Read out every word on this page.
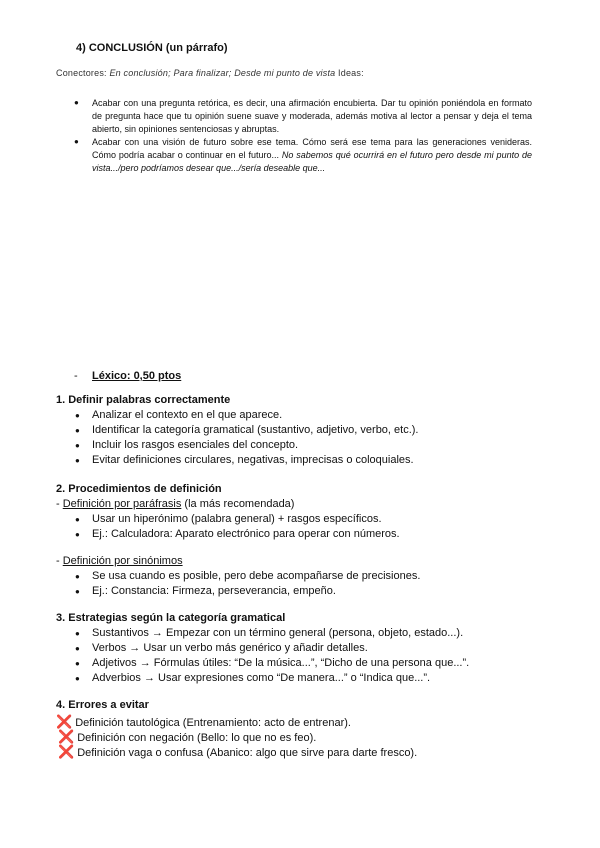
4) CONCLUSIÓN (un párrafo)
Conectores: En conclusión; Para finalizar; Desde mi punto de vista Ideas:
● Acabar con una pregunta retórica, es decir, una afirmación encubierta. Dar tu opinión poniéndola en formato de pregunta hace que tu opinión suene suave y moderada, además motiva al lector a pensar y deja el tema abierto, sin opiniones sentenciosas y abruptas.
● Acabar con una visión de futuro sobre ese tema. Cómo será ese tema para las generaciones venideras. Cómo podría acabar o continuar en el futuro... No sabemos qué ocurrirá en el futuro pero desde mi punto de vista.../pero podríamos desear que.../sería deseable que...
- Léxico: 0,50 ptos
1. Definir palabras correctamente
● Analizar el contexto en el que aparece.
● Identificar la categoría gramatical (sustantivo, adjetivo, verbo, etc.).
● Incluir los rasgos esenciales del concepto.
● Evitar definiciones circulares, negativas, imprecisas o coloquiales.
2. Procedimientos de definición
- Definición por paráfrasis (la más recomendada)
● Usar un hiperónimo (palabra general) + rasgos específicos.
● Ej.: Calculadora: Aparato electrónico para operar con números.
- Definición por sinónimos
● Se usa cuando es posible, pero debe acompañarse de precisiones.
● Ej.: Constancia: Firmeza, perseverancia, empeño.
3. Estrategias según la categoría gramatical
● Sustantivos → Empezar con un término general (persona, objeto, estado...).
● Verbos → Usar un verbo más genérico y añadir detalles.
● Adjetivos → Fórmulas útiles: “De la música...”, “Dicho de una persona que...”.
● Adverbios → Usar expresiones como “De manera...” o “Indica que...”.
4. Errores a evitar
❌ Definición tautológica (Entrenamiento: acto de entrenar).
❌ Definición con negación (Bello: lo que no es feo).
❌ Definición vaga o confusa (Abanico: algo que sirve para darte fresco).
